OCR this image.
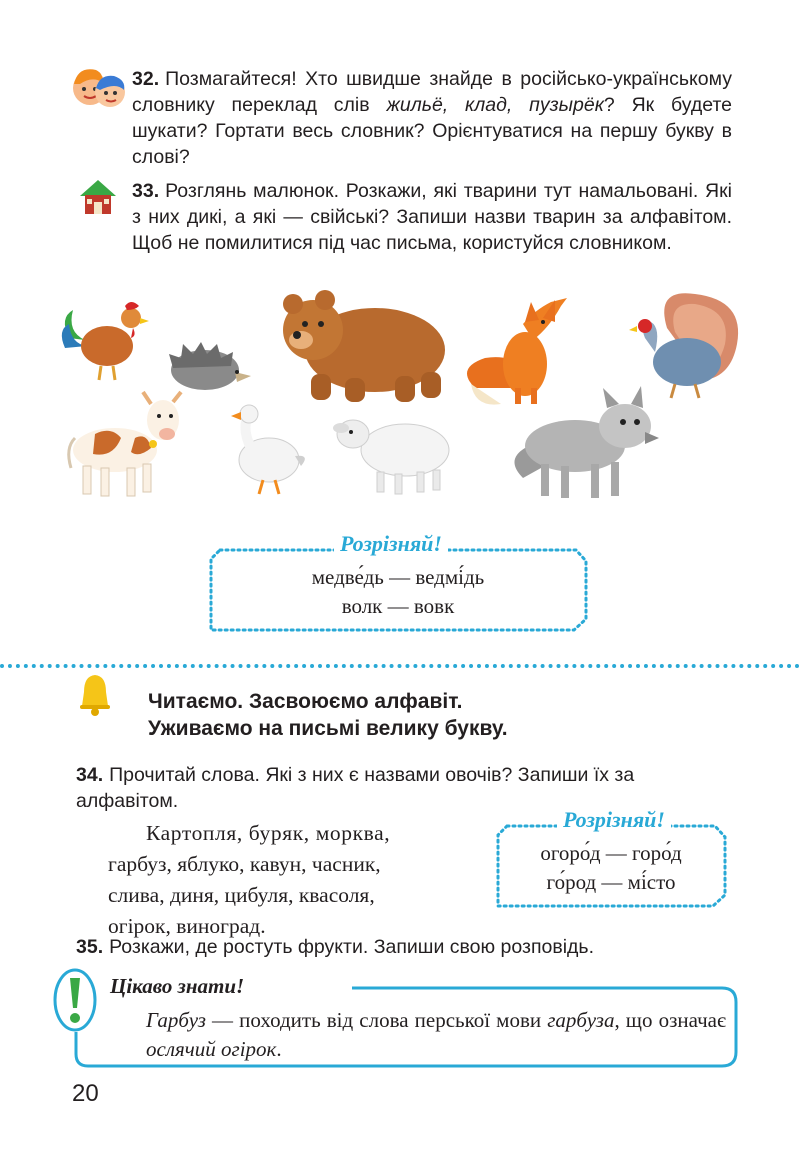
32. Позмагайтеся! Хто швидше знайде в російсько-українському словнику переклад слів жильё, клад, пузырёк? Як будете шукати? Гортати весь словник? Орієнтуватися на першу букву в слові?
33. Розглянь малюнок. Розкажи, які тварини тут намальовані. Які з них дикі, а які — свійські? Запиши назви тварин за алфавітом. Щоб не помилитися під час письма, користуйся словником.
Розрізняй!
медве́дь — ведмі́дь
волк — вовк
Читаємо. Засвоюємо алфавіт.
Уживаємо на письмі велику букву.
34. Прочитай слова. Які з них є назвами овочів? Запиши їх за алфавітом.
Картопля, буряк, морква,
гарбуз, яблуко, кавун, часник,
слива, диня, цибуля, квасоля,
огірок, виноград.
Розрізняй!
огоро́д — горо́д
го́род — мі́сто
35. Розкажи, де ростуть фрукти. Запиши свою розповідь.
Цікаво знати!
Гарбуз — походить від слова перської мови гарбуза, що означає ослячий огірок.
20
